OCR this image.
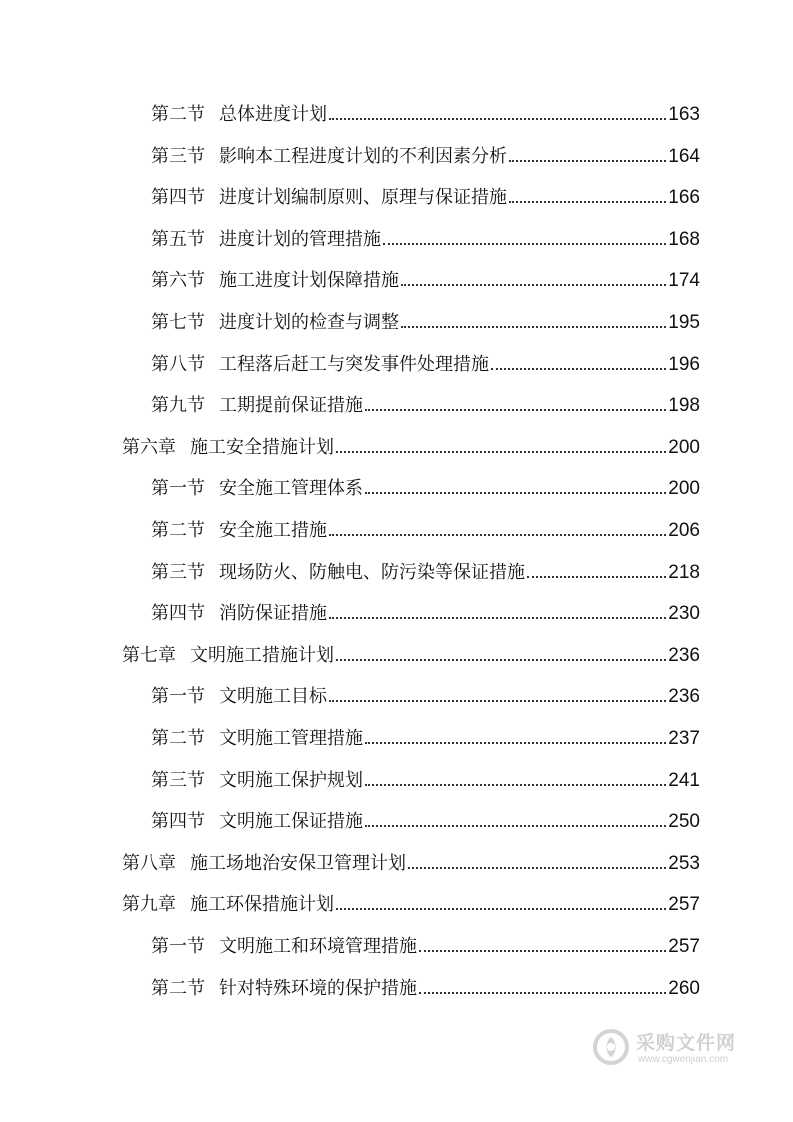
第二节 总体进度计划	163
第三节 影响本工程进度计划的不利因素分析	164
第四节 进度计划编制原则、原理与保证措施	166
第五节 进度计划的管理措施	168
第六节 施工进度计划保障措施	174
第七节 进度计划的检查与调整	195
第八节 工程落后赶工与突发事件处理措施	196
第九节 工期提前保证措施	198
第六章 施工安全措施计划	200
第一节 安全施工管理体系	200
第二节 安全施工措施	206
第三节 现场防火、防触电、防污染等保证措施	218
第四节 消防保证措施	230
第七章 文明施工措施计划	236
第一节 文明施工目标	236
第二节 文明施工管理措施	237
第三节 文明施工保护规划	241
第四节 文明施工保证措施	250
第八章 施工场地治安保卫管理计划	253
第九章 施工环保措施计划	257
第一节 文明施工和环境管理措施	257
第二节 针对特殊环境的保护措施	260
采购文件网
www.cgwenjian.com
